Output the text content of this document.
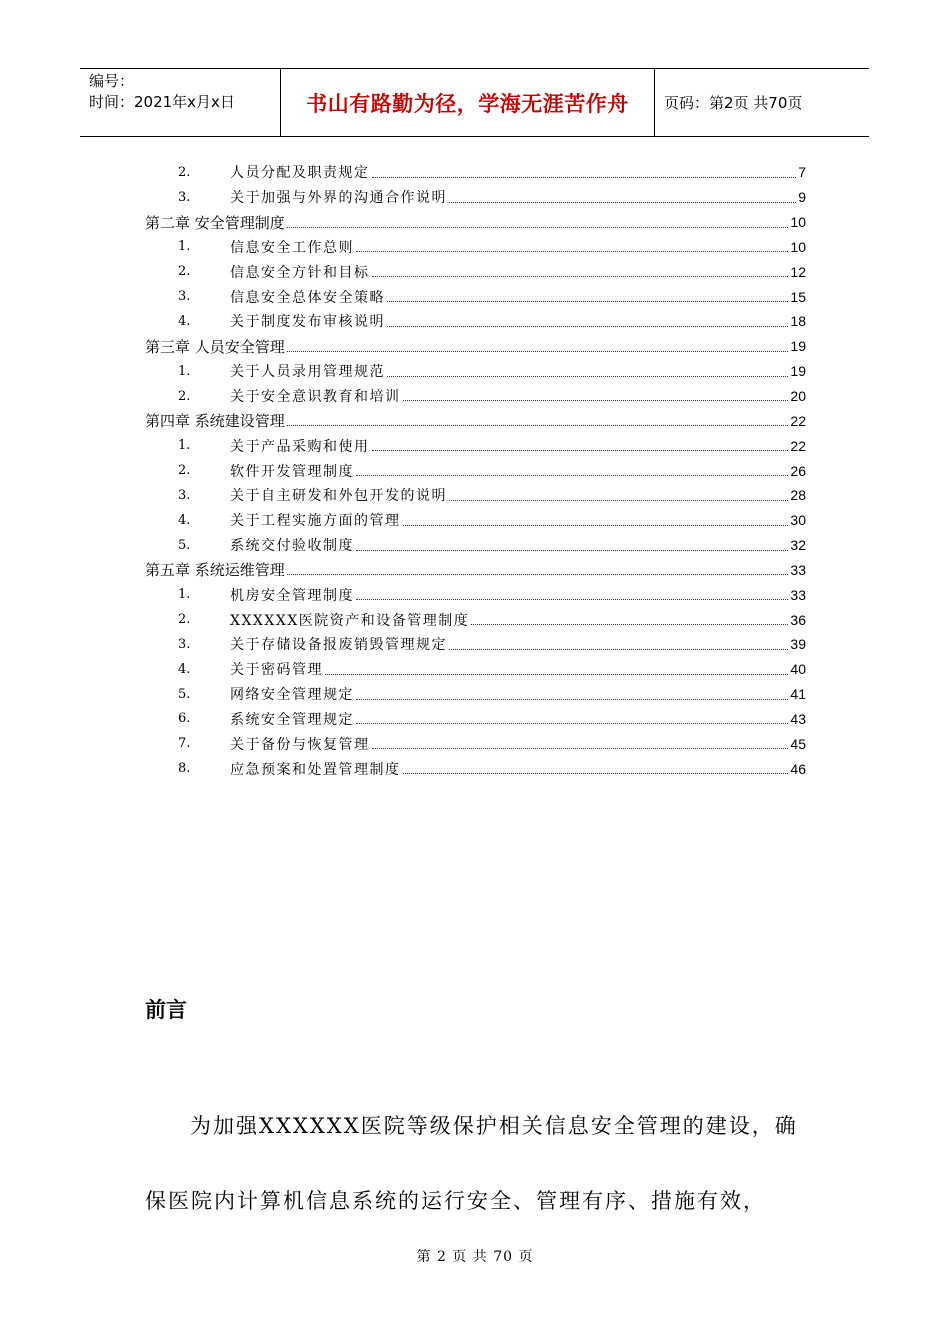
编号：
时间：2021年x月x日	书山有路勤为径，学海无涯苦作舟 页码：第2页 共70页
2.	人员分配及职责规定	7
3.	关于加强与外界的沟通合作说明	9
第二章 安全管理制度	10
1.	信息安全工作总则	10
2.	信息安全方针和目标	12
3.	信息安全总体安全策略	15
4.	关于制度发布审核说明	18
第三章 人员安全管理	19
1.	关于人员录用管理规范	19
2.	关于安全意识教育和培训	20
第四章 系统建设管理	22
1.	关于产品采购和使用	22
2.	软件开发管理制度	26
3.	关于自主研发和外包开发的说明	28
4.	关于工程实施方面的管理	30
5.	系统交付验收制度	32
第五章 系统运维管理	33
1.	机房安全管理制度	33
2.	XXXXXX医院资产和设备管理制度	36
3.	关于存储设备报废销毁管理规定	39
4.	关于密码管理	40
5.	网络安全管理规定	41
6.	系统安全管理规定	43
7.	关于备份与恢复管理	45
8.	应急预案和处置管理制度	46
前言
为加强XXXXXX医院等级保护相关信息安全管理的建设，确
保医院内计算机信息系统的运行安全、管理有序、措施有效，
第 2 页 共 70 页
